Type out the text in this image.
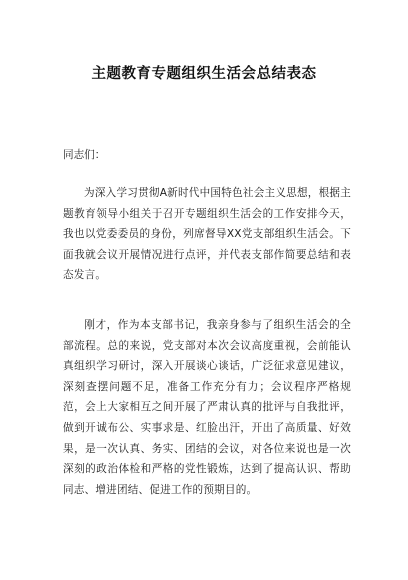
主题教育专题组织生活会总结表态

同志们：

为深入学习贯彻A新时代中国特色社会主义思想，根据主题教育领导小组关于召开专题组织生活会的工作安排今天，我也以党委委员的身份，列席督导XX党支部组织生活会。下面我就会议开展情况进行点评，并代表支部作简要总结和表态发言。

刚才，作为本支部书记，我亲身参与了组织生活会的全部流程。总的来说，党支部对本次会议高度重视，会前能认真组织学习研讨，深入开展谈心谈话，广泛征求意见建议，深刻查摆问题不足，准备工作充分有力；会议程序严格规范，会上大家相互之间开展了严肃认真的批评与自我批评，做到开诚布公、实事求是、红脸出汗，开出了高质量、好效果，是一次认真、务实、团结的会议，对各位来说也是一次深刻的政治体检和严格的党性锻炼，达到了提高认识、帮助同志、增进团结、促进工作的预期目的。
